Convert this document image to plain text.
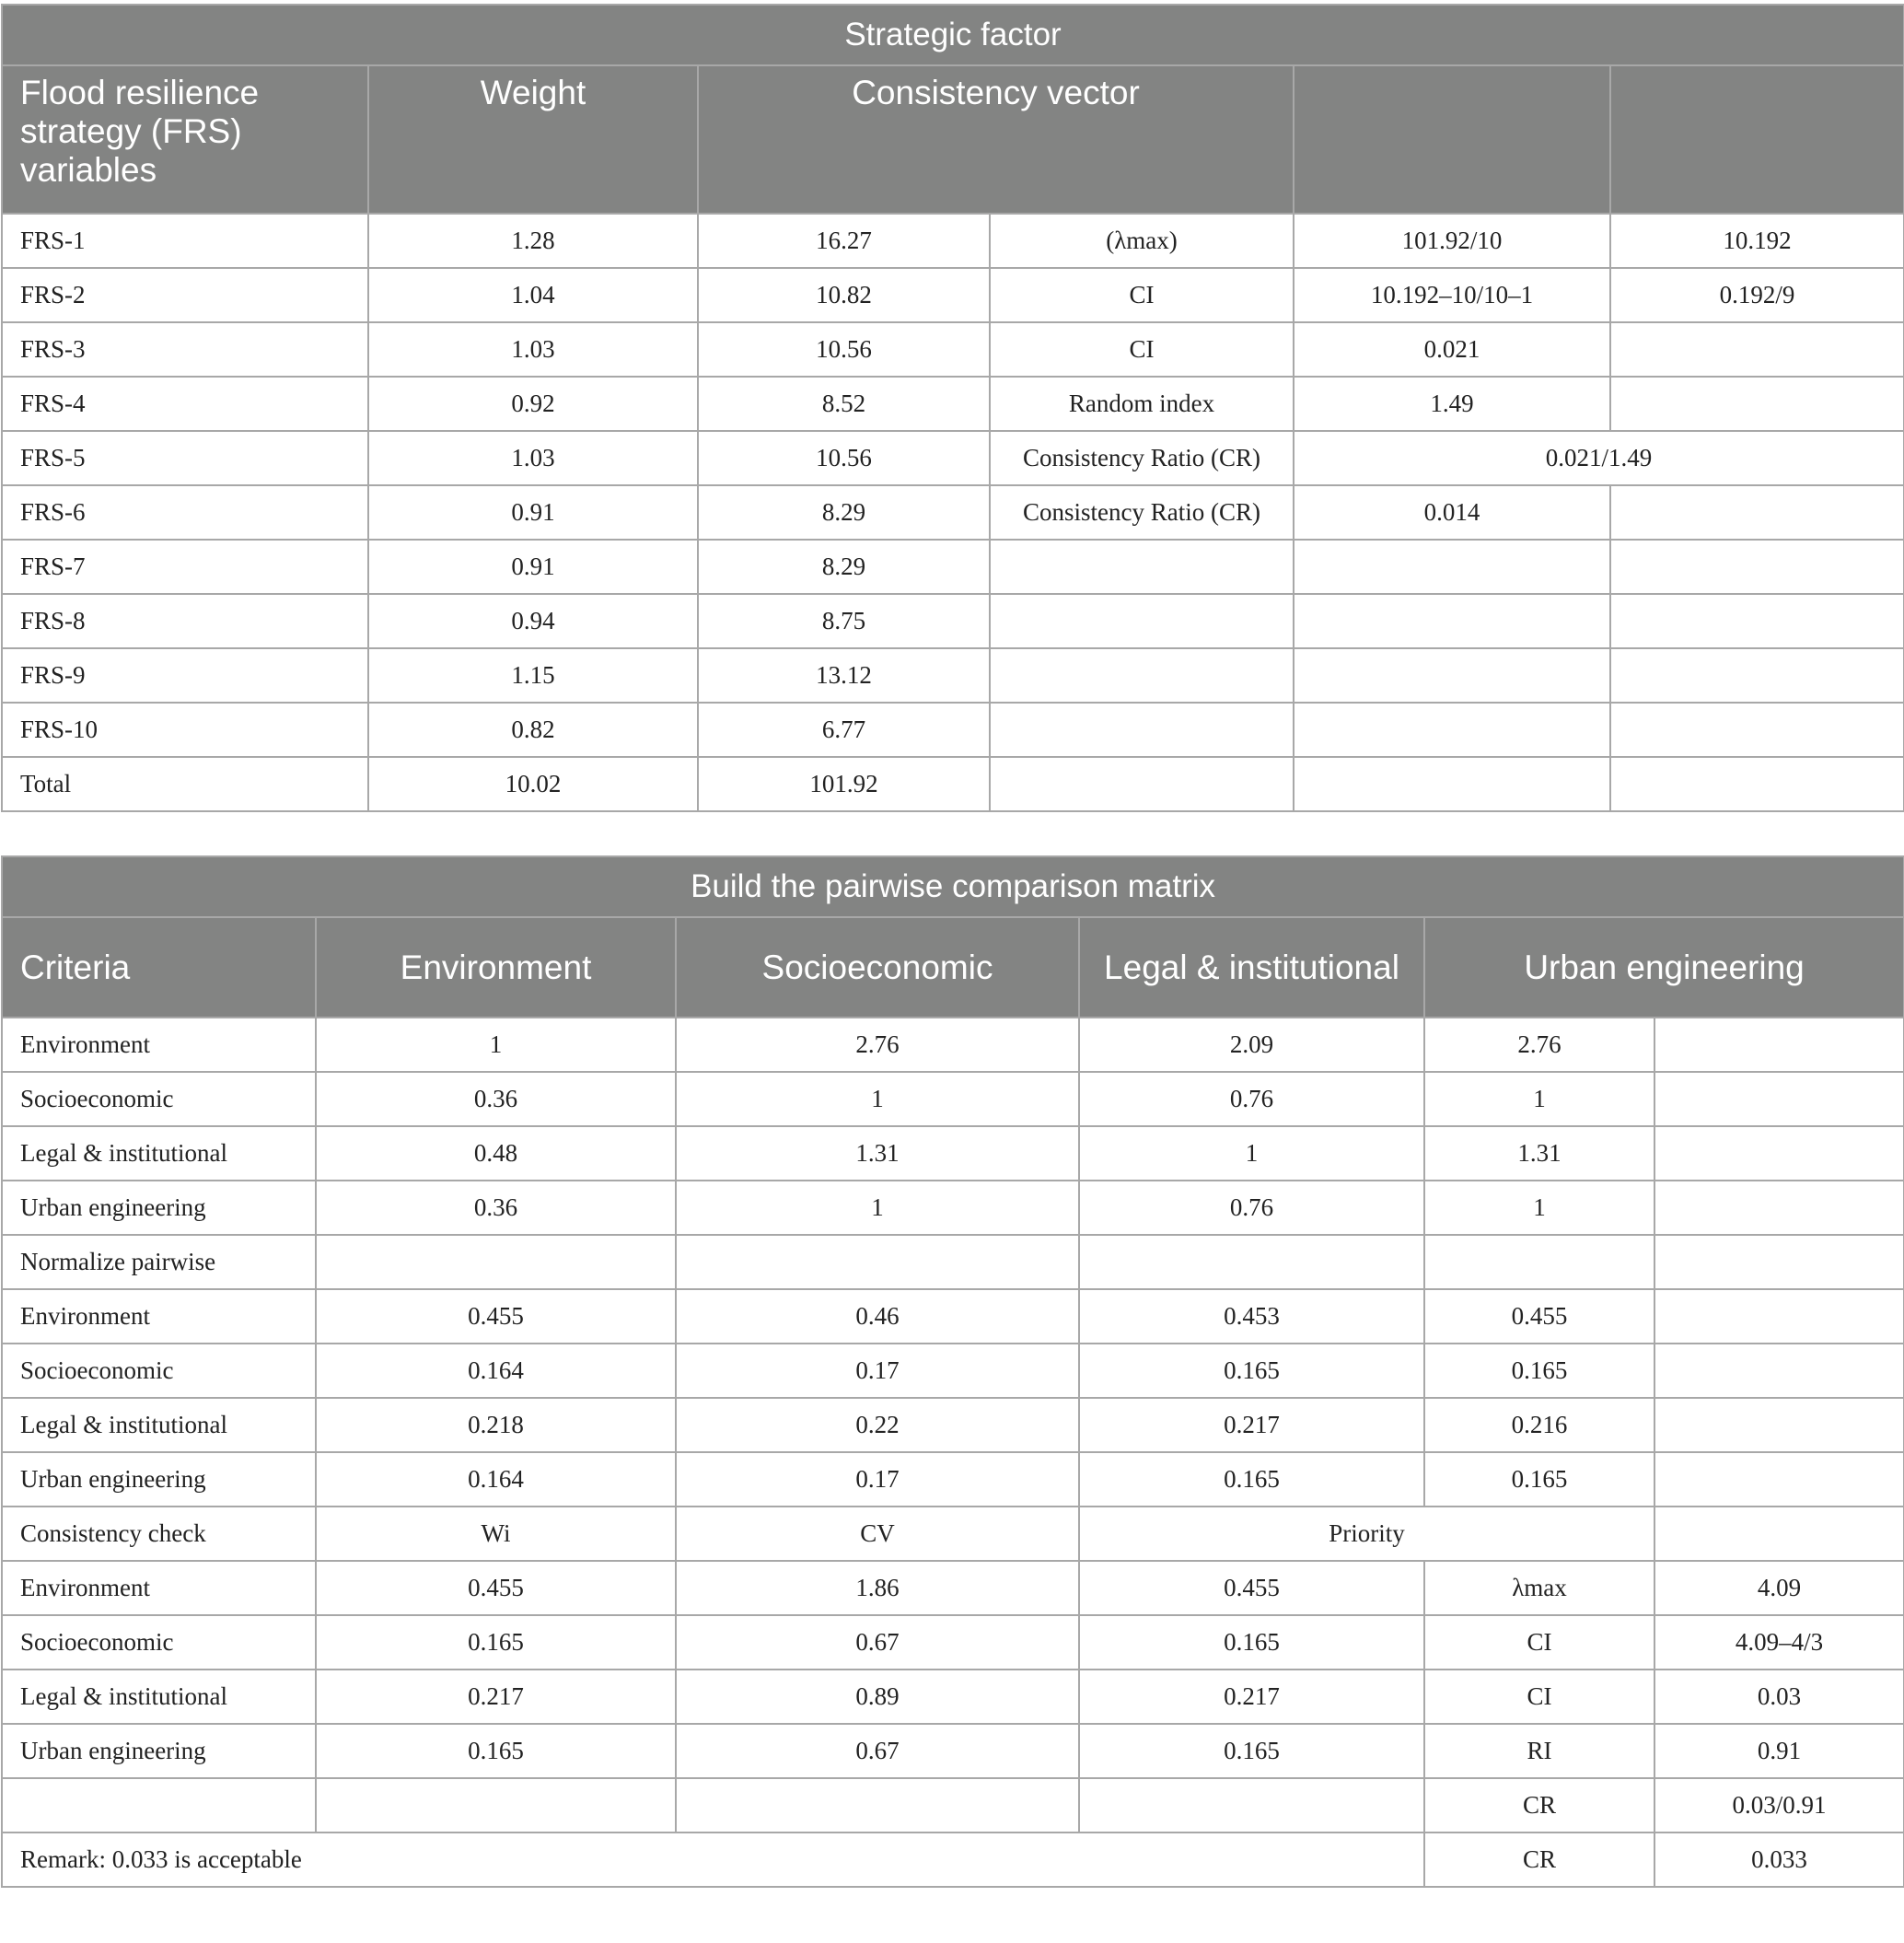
Strategic factor					
Flood resilience strategy (FRS) variables	Weight	Consistency vector			
FRS-1	1.28	16.27	(λmax)	101.92/10	10.192
FRS-2	1.04	10.82	CI	10.192–10/10–1	0.192/9
FRS-3	1.03	10.56	CI	0.021	
FRS-4	0.92	8.52	Random index	1.49	
FRS-5	1.03	10.56	Consistency Ratio (CR)	0.021/1.49	
FRS-6	0.91	8.29	Consistency Ratio (CR)	0.014	
FRS-7	0.91	8.29			
FRS-8	0.94	8.75			
FRS-9	1.15	13.12			
FRS-10	0.82	6.77			
Total	10.02	101.92			
Build the pairwise comparison matrix					
Criteria	Environment	Socioeconomic	Legal & institutional	Urban engineering	
Environment	1	2.76	2.09	2.76	
Socioeconomic	0.36	1	0.76	1	
Legal & institutional	0.48	1.31	1	1.31	
Urban engineering	0.36	1	0.76	1	
Normalize pairwise					
Environment	0.455	0.46	0.453	0.455	
Socioeconomic	0.164	0.17	0.165	0.165	
Legal & institutional	0.218	0.22	0.217	0.216	
Urban engineering	0.164	0.17	0.165	0.165	
Consistency check	Wi	CV	Priority		
Environment	0.455	1.86	0.455	λmax	4.09
Socioeconomic	0.165	0.67	0.165	CI	4.09–4/3
Legal & institutional	0.217	0.89	0.217	CI	0.03
Urban engineering	0.165	0.67	0.165	RI	0.91
				CR	0.03/0.91
Remark: 0.033 is acceptable				CR	0.033
